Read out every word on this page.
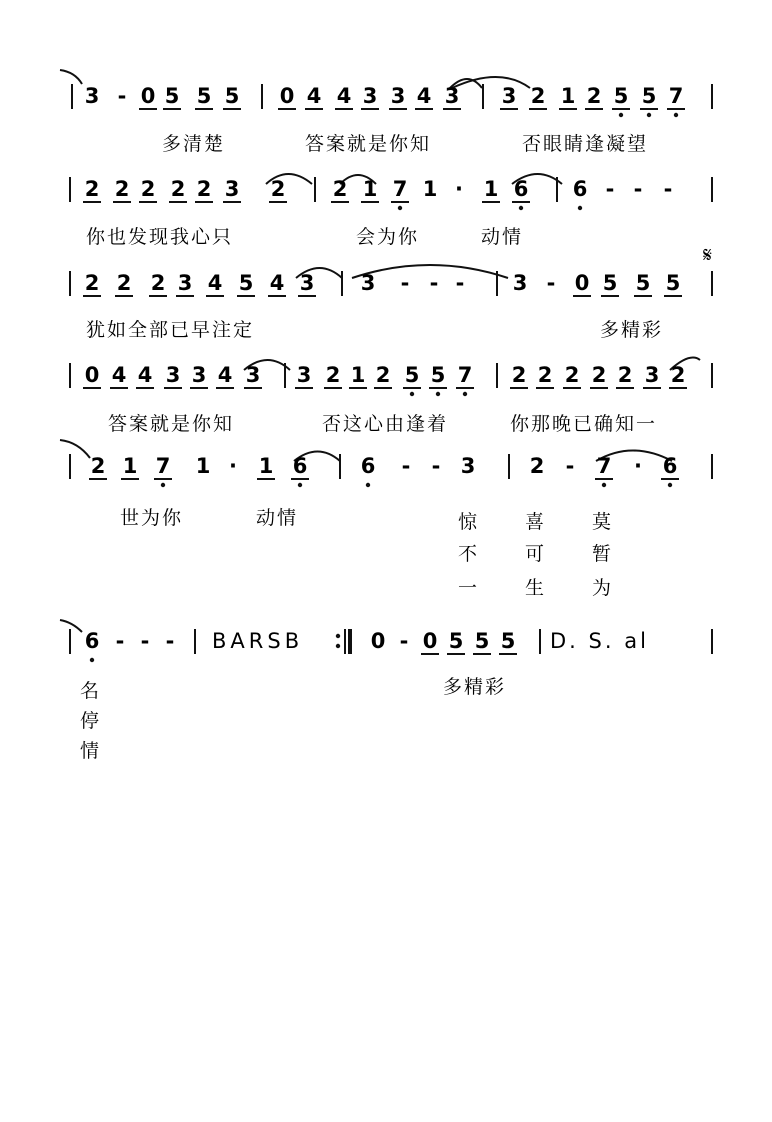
3 - 0 5 5 5 0 4 4 3 3 4 3 3 2 1 2 5 5 7
2 2 2 2 2 3 2 2 1 7 1 · 1 6 6 - - -
2 2 2 3 4 5 4 3 3 - - - 3 - 0 5 5 5
0 4 4 3 3 4 3 3 2 1 2 5 5 7 2 2 2 2 2 3 2
2 1 7 1 · 1 6	6 - - 3	2 - 7 · 6
6 - - -	0 - 0 5 5 5
多清楚	答案就是你知	否眼睛逢凝望
你也发现我心只	会为你	动情
犹如全部已早注定	多精彩
答案就是你知	否这心由逢着	你那晚已确知一
世为你	动情
多精彩
惊 喜 莫
不 可 暂
一 生 为
名
停
情
𝄋
BARSB	D. S. al
